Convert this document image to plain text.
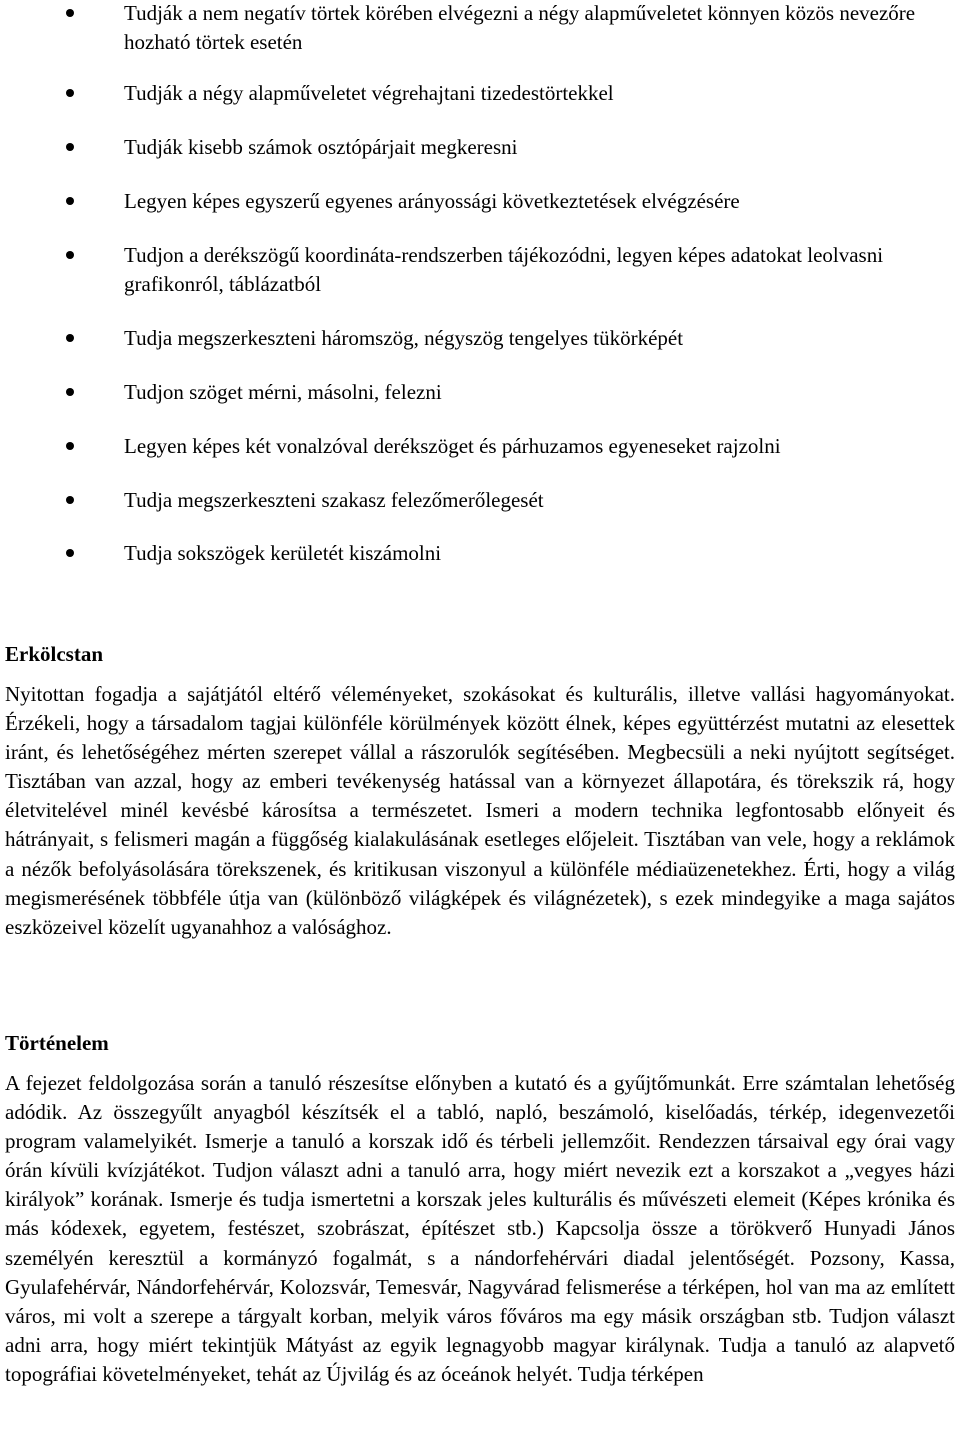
Tudják a nem negatív törtek körében elvégezni a négy alapműveletet könnyen közös nevezőre hozható törtek esetén
Tudják a négy alapműveletet végrehajtani tizedestörtekkel
Tudják kisebb számok osztópárjait megkeresni
Legyen képes egyszerű egyenes arányossági következtetések elvégzésére
Tudjon a derékszögű koordináta-rendszerben tájékozódni, legyen képes adatokat leolvasni grafikonról, táblázatból
Tudja megszerkeszteni háromszög, négyszög tengelyes tükörképét
Tudjon szöget mérni, másolni, felezni
Legyen képes két vonalzóval derékszöget és párhuzamos egyeneseket rajzolni
Tudja megszerkeszteni szakasz felezőmerőlegesét
Tudja sokszögek kerületét kiszámolni
Erkölcstan

Nyitottan fogadja a sajátjától eltérő véleményeket, szokásokat és kulturális, illetve vallási hagyományokat. Érzékeli, hogy a társadalom tagjai különféle körülmények között élnek, képes együttérzést mutatni az elesettek iránt, és lehetőségéhez mérten szerepet vállal a rászorulók segítésében. Megbecsüli a neki nyújtott segítséget. Tisztában van azzal, hogy az emberi tevékenység hatással van a környezet állapotára, és törekszik rá, hogy életvitelével minél kevésbé károsítsa a természetet. Ismeri a modern technika legfontosabb előnyeit és hátrányait, s felismeri magán a függőség kialakulásának esetleges előjeleit. Tisztában van vele, hogy a reklámok a nézők befolyásolására törekszenek, és kritikusan viszonyul a különféle médiaüzenetekhez. Érti, hogy a világ megismerésének többféle útja van (különböző világképek és világnézetek), s ezek mindegyike a maga sajátos eszközeivel közelít ugyanahhoz a valósághoz.

Történelem

A fejezet feldolgozása során a tanuló részesítse előnyben a kutató és a gyűjtőmunkát. Erre számtalan lehetőség adódik. Az összegyűlt anyagból készítsék el a tabló, napló, beszámoló, kiselőadás, térkép, idegenvezetői program valamelyikét. Ismerje a tanuló a korszak idő és térbeli jellemzőit. Rendezzen társaival egy órai vagy órán kívüli kvízjátékot. Tudjon választ adni a tanuló arra, hogy miért nevezik ezt a korszakot a „vegyes házi királyok” korának. Ismerje és tudja ismertetni a korszak jeles kulturális és művészeti elemeit (Képes krónika és más kódexek, egyetem, festészet, szobrászat, építészet stb.) Kapcsolja össze a törökverő Hunyadi János személyén keresztül a kormányzó fogalmát, s a nándorfehérvári diadal jelentőségét. Pozsony, Kassa, Gyulafehérvár, Nándorfehérvár, Kolozsvár, Temesvár, Nagyvárad felismerése a térképen, hol van ma az említett város, mi volt a szerepe a tárgyalt korban, melyik város főváros ma egy másik országban stb. Tudjon választ adni arra, hogy miért tekintjük Mátyást az egyik legnagyobb magyar királynak. Tudja a tanuló az alapvető topográfiai követelményeket, tehát az Újvilág és az óceánok helyét. Tudja térképen
